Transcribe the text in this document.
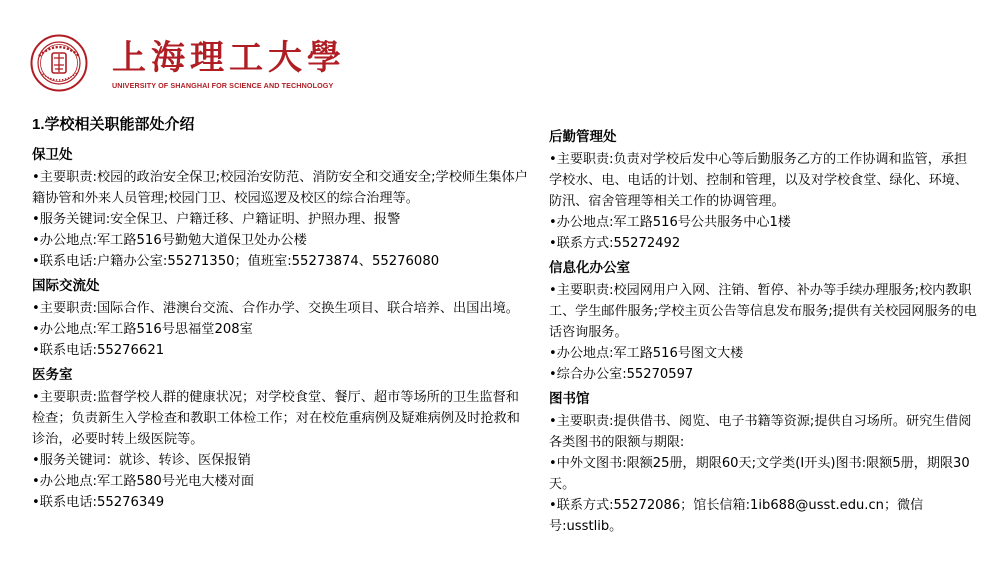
上海理工大學
UNIVERSITY OF SHANGHAI FOR SCIENCE AND TECHNOLOGY
1.学校相关职能部处介绍
保卫处

•主要职责:校园的政治安全保卫;校园治安防范、消防安全和交通安全;学校师生集体户籍协管和外来人员管理;校园门卫、校园巡逻及校区的综合治理等。

•服务关键词:安全保卫、户籍迁移、户籍证明、护照办理、报警

•办公地点:军工路516号勤勉大道保卫处办公楼

•联系电话:户籍办公室:55271350；值班室:55273874、55276080

国际交流处

•主要职责:国际合作、港澳台交流、合作办学、交换生项目、联合培养、出国出境。

•办公地点:军工路516号思福堂208室

•联系电话:55276621

医务室

•主要职责:监督学校人群的健康状况；对学校食堂、餐厅、超市等场所的卫生监督和检查；负责新生入学检查和教职工体检工作；对在校危重病例及疑难病例及时抢救和诊治，必要时转上级医院等。

•服务关键词：就诊、转诊、医保报销

•办公地点:军工路580号光电大楼对面

•联系电话:55276349

后勤管理处

•主要职责:负责对学校后发中心等后勤服务乙方的工作协调和监管，承担学校水、电、电话的计划、控制和管理，以及对学校食堂、绿化、环境、防汛、宿舍管理等相关工作的协调管理。

•办公地点:军工路516号公共服务中心1楼

•联系方式:55272492

信息化办公室

•主要职责:校园网用户入网、注销、暂停、补办等手续办理服务;校内教职工、学生邮件服务;学校主页公告等信息发布服务;提供有关校园网服务的电话咨询服务。

•办公地点:军工路516号图文大楼

•综合办公室:55270597

图书馆

•主要职责:提供借书、阅览、电子书籍等资源;提供自习场所。研究生借阅各类图书的限额与期限:

•中外文图书:限额25册，期限60天;文学类(I开头)图书:限额5册，期限30天。

•联系方式:55272086；馆长信箱:1ib688@usst.edu.cn；微信号:usstlib。
